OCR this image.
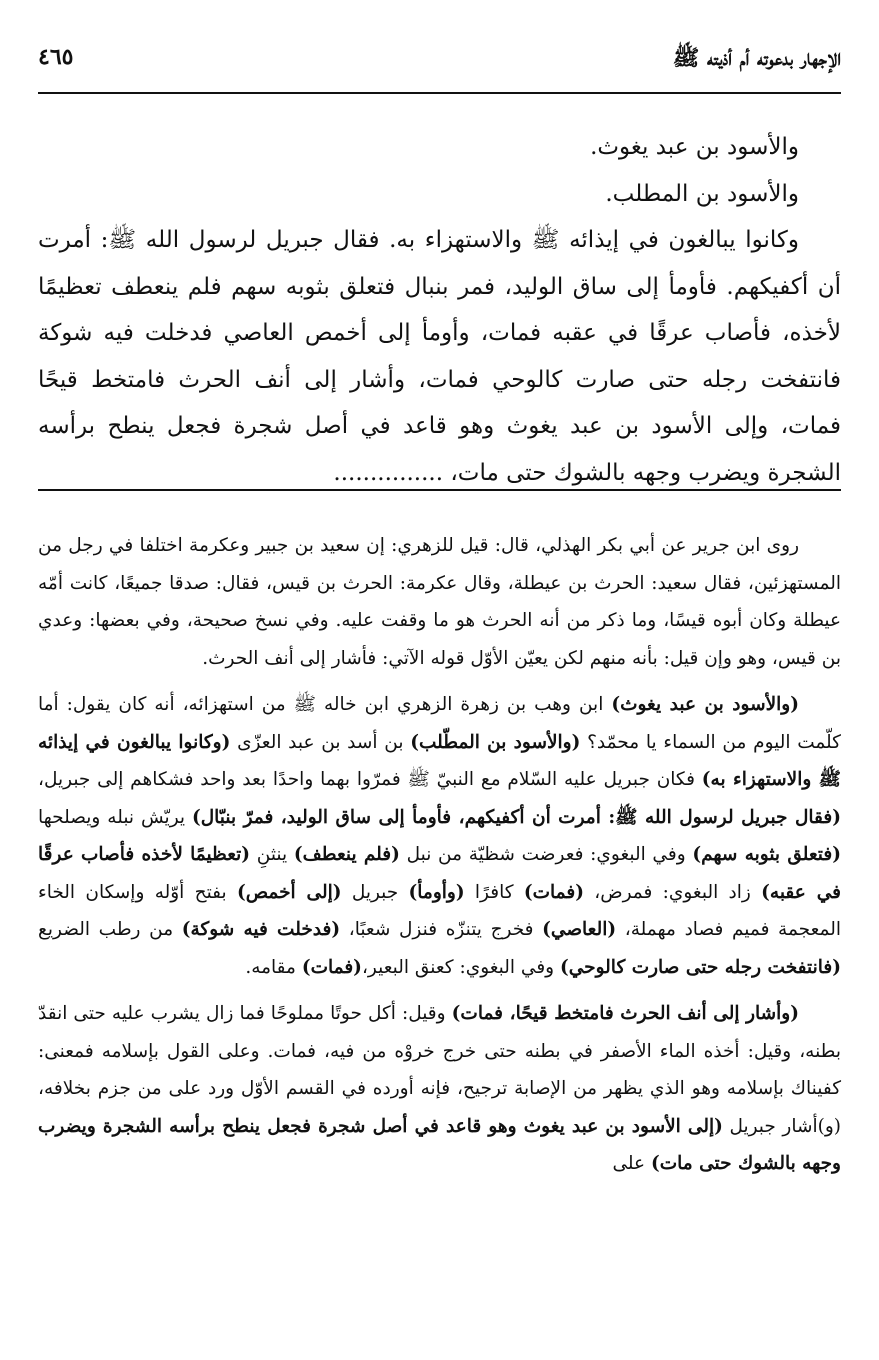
الإجهار بدعوته أم أذيته ﷺ
٤٦٥

والأسود بن عبد يغوث.

والأسود بن المطلب.

وكانوا يبالغون في إيذائه ﷺ والاستهزاء به. فقال جبريل لرسول الله ﷺ: أمرت أن أكفيكهم. فأومأ إلى ساق الوليد، فمر بنبال فتعلق بثوبه سهم فلم ينعطف تعظيمًا لأخذه، فأصاب عرقًا في عقبه فمات، وأومأ إلى أخمص العاصي فدخلت فيه شوكة فانتفخت رجله حتى صارت كالوحي فمات، وأشار إلى أنف الحرث فامتخط قيحًا فمات، وإلى الأسود بن عبد يغوث وهو قاعد في أصل شجرة فجعل ينطح برأسه الشجرة ويضرب وجهه بالشوك حتى مات، ...............

روى ابن جرير عن أبي بكر الهذلي، قال: قيل للزهري: إن سعيد بن جبير وعكرمة اختلفا في رجل من المستهزئين، فقال سعيد: الحرث بن عيطلة، وقال عكرمة: الحرث بن قيس، فقال: صدقا جميعًا، كانت أمّه عيطلة وكان أبوه قيسًا، وما ذكر من أنه الحرث هو ما وقفت عليه. وفي نسخ صحيحة، وفي بعضها: وعدي بن قيس، وهو وإن قيل: بأنه منهم لكن يعيّن الأوّل قوله الآتي: فأشار إلى أنف الحرث.

(والأسود بن عبد يغوث) ابن وهب بن زهرة الزهري ابن خاله ﷺ من استهزائه، أنه كان يقول: أما كلّمت اليوم من السماء يا محمّد؟ (والأسود بن المطّلب) بن أسد بن عبد العزّى (وكانوا يبالغون في إيذائه ﷺ والاستهزاء به) فكان جبريل عليه السّلام مع النبيّ ﷺ فمرّوا بهما واحدًا بعد واحد فشكاهم إلى جبريل، (فقال جبريل لرسول الله ﷺ: أمرت أن أكفيكهم، فأومأ إلى ساق الوليد، فمرّ بنبّال) يريّش نبله ويصلحها (فتعلق بثوبه سهم) وفي البغوي: فعرضت شظيّة من نبل (فلم ينعطف) ينثنِ (تعظيمًا لأخذه فأصاب عرقًا في عقبه) زاد البغوي: فمرض، (فمات) كافرًا (وأومأ) جبريل (إلى أخمص) بفتح أوّله وإسكان الخاء المعجمة فميم فصاد مهملة، (العاصي) فخرج يتنزّه فنزل شعبًا، (فدخلت فيه شوكة) من رطب الضريع (فانتفخت رجله حتى صارت كالوحي) وفي البغوي: كعنق البعير،(فمات) مقامه.

(وأشار إلى أنف الحرث فامتخط قيحًا، فمات) وقيل: أكل حوتًا مملوحًا فما زال يشرب عليه حتى انقدّ بطنه، وقيل: أخذه الماء الأصفر في بطنه حتى خرج خروْه من فيه، فمات. وعلى القول بإسلامه فمعنى: كفيناك بإسلامه وهو الذي يظهر من الإصابة ترجيح، فإنه أورده في القسم الأوّل ورد على من جزم بخلافه، (و)أشار جبريل (إلى الأسود بن عبد يغوث وهو قاعد في أصل شجرة فجعل ينطح برأسه الشجرة ويضرب وجهه بالشوك حتى مات) على
